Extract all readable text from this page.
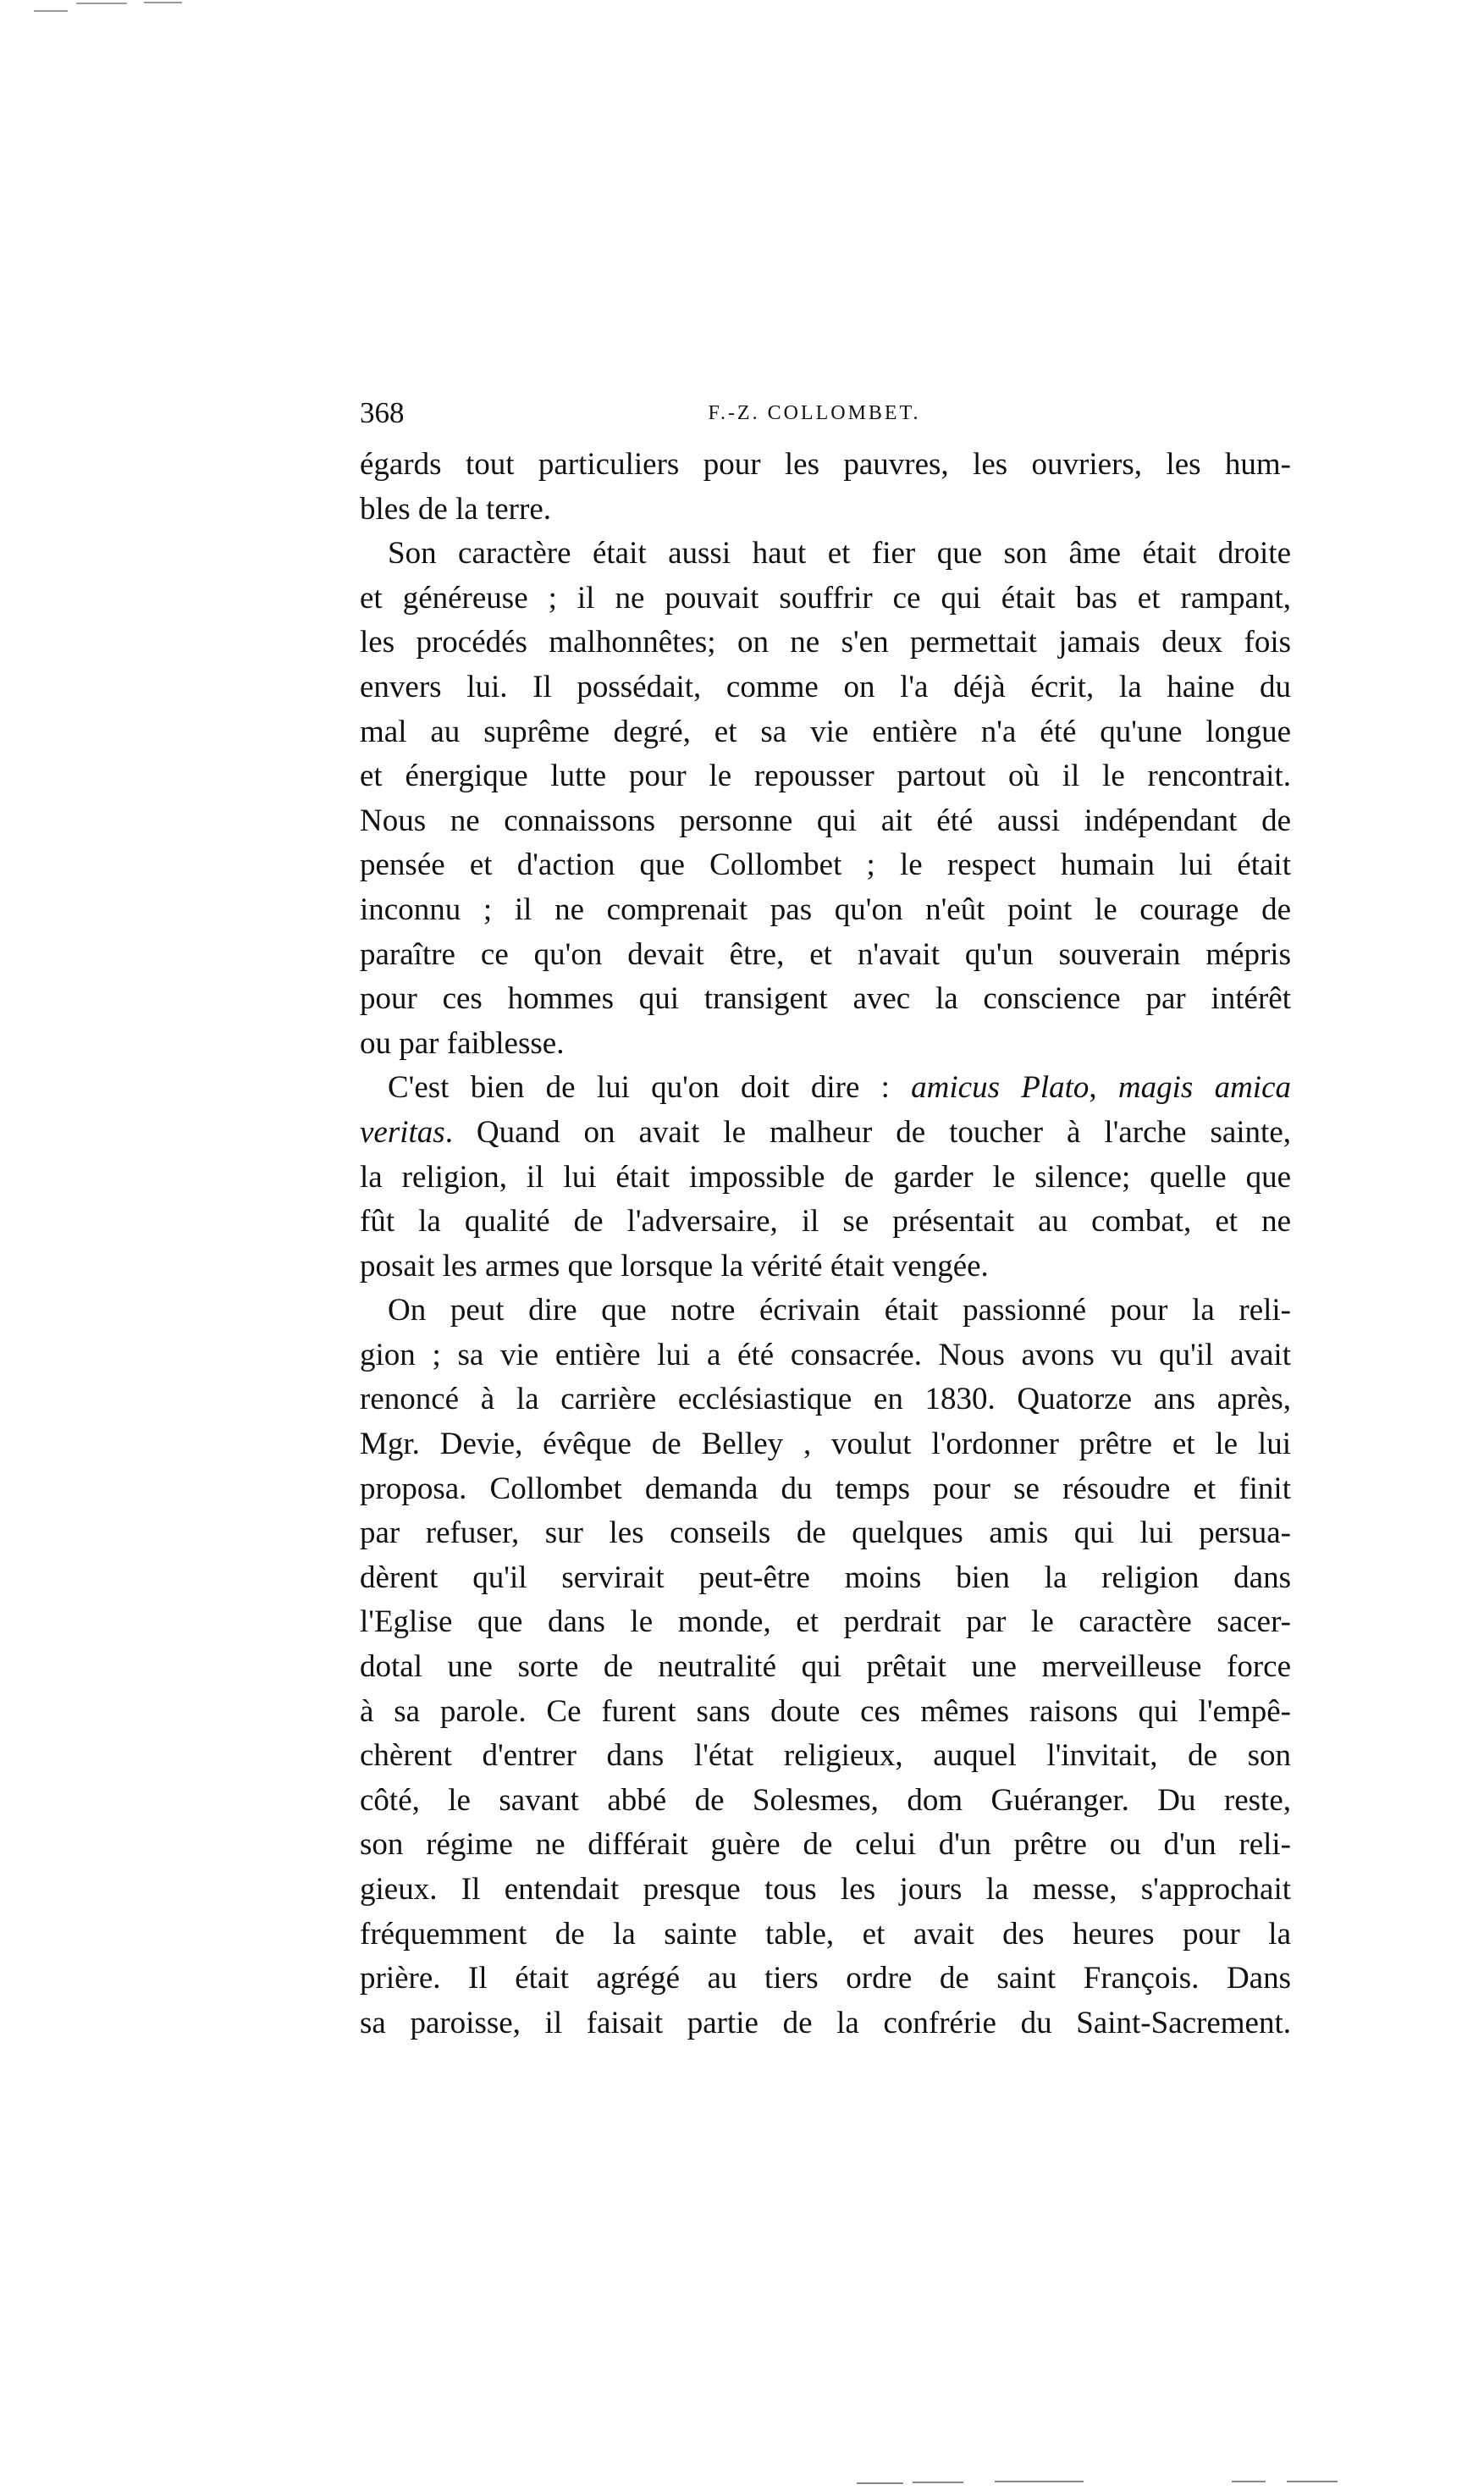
368	F.-Z. COLLOMBET.

égards tout particuliers pour les pauvres, les ouvriers, les hum-
bles de la terre.

Son caractère était aussi haut et fier que son âme était droite
et généreuse ; il ne pouvait souffrir ce qui était bas et rampant,
les procédés malhonnêtes; on ne s'en permettait jamais deux fois
envers lui. Il possédait, comme on l'a déjà écrit, la haine du
mal au suprême degré, et sa vie entière n'a été qu'une longue
et énergique lutte pour le repousser partout où il le rencontrait.
Nous ne connaissons personne qui ait été aussi indépendant de
pensée et d'action que Collombet ; le respect humain lui était
inconnu ; il ne comprenait pas qu'on n'eût point le courage de
paraître ce qu'on devait être, et n'avait qu'un souverain mépris
pour ces hommes qui transigent avec la conscience par intérêt
ou par faiblesse.

C'est bien de lui qu'on doit dire : amicus Plato, magis amica
veritas. Quand on avait le malheur de toucher à l'arche sainte,
la religion, il lui était impossible de garder le silence; quelle que
fût la qualité de l'adversaire, il se présentait au combat, et ne
posait les armes que lorsque la vérité était vengée.

On peut dire que notre écrivain était passionné pour la reli-
gion ; sa vie entière lui a été consacrée. Nous avons vu qu'il avait
renoncé à la carrière ecclésiastique en 1830. Quatorze ans après,
Mgr. Devie, évêque de Belley , voulut l'ordonner prêtre et le lui
proposa. Collombet demanda du temps pour se résoudre et finit
par refuser, sur les conseils de quelques amis qui lui persua-
dèrent qu'il servirait peut-être moins bien la religion dans
l'Eglise que dans le monde, et perdrait par le caractère sacer-
dotal une sorte de neutralité qui prêtait une merveilleuse force
à sa parole. Ce furent sans doute ces mêmes raisons qui l'empê-
chèrent d'entrer dans l'état religieux, auquel l'invitait, de son
côté, le savant abbé de Solesmes, dom Guéranger. Du reste,
son régime ne différait guère de celui d'un prêtre ou d'un reli-
gieux. Il entendait presque tous les jours la messe, s'approchait
fréquemment de la sainte table, et avait des heures pour la
prière. Il était agrégé au tiers ordre de saint François. Dans
sa paroisse, il faisait partie de la confrérie du Saint-Sacrement.
